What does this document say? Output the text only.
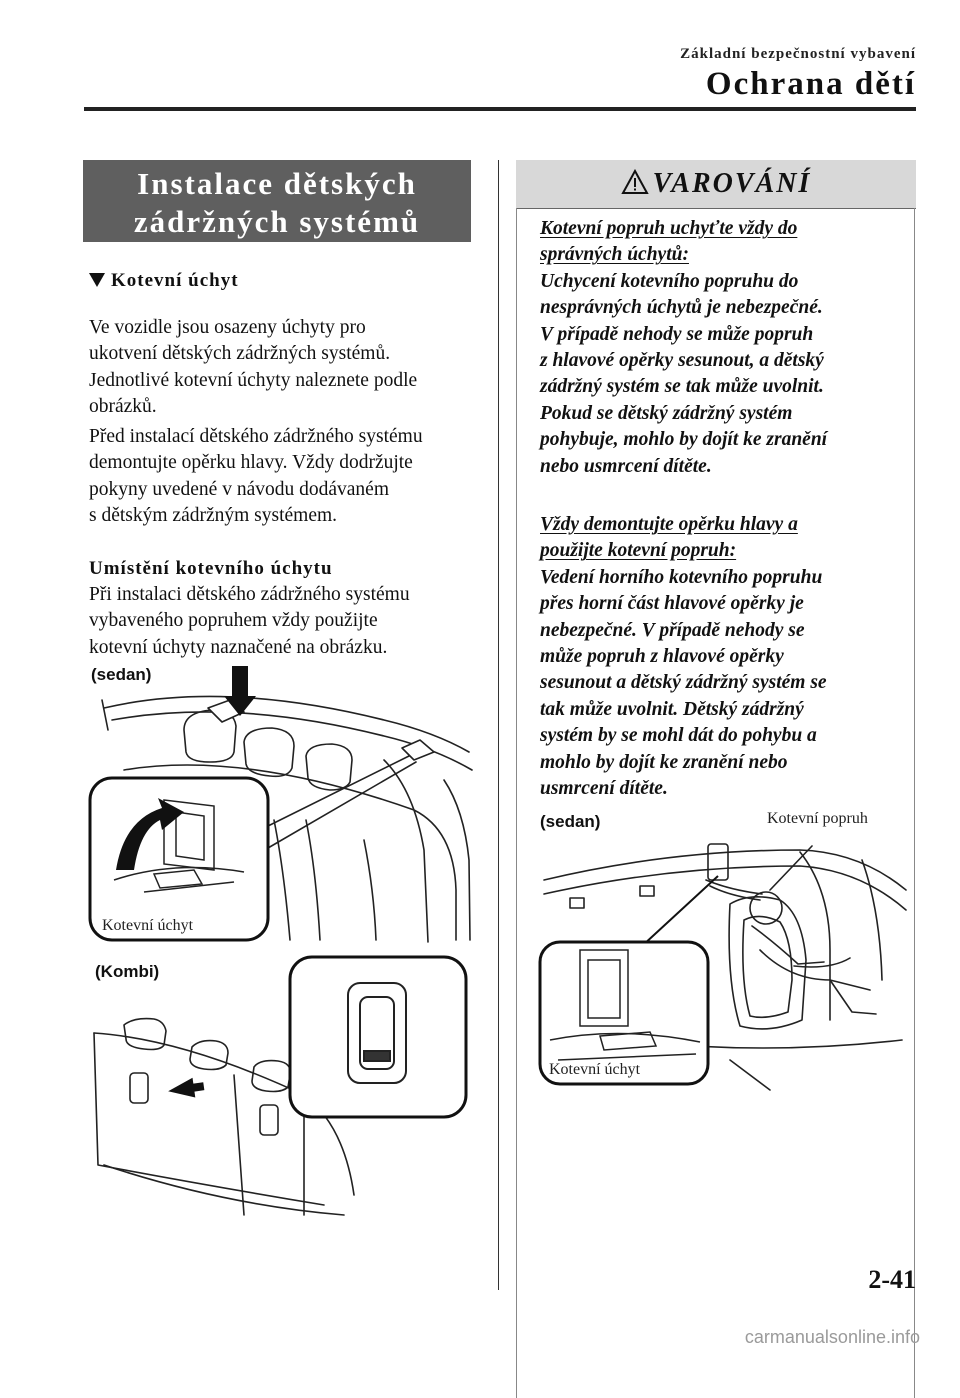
Základní bezpečnostní vybavení
Ochrana dětí
Instalace dětských
zádržných systémů
Kotevní úchyt
Ve vozidle jsou osazeny úchyty pro
ukotvení dětských zádržných systémů.
Jednotlivé kotevní úchyty naleznete podle
obrázků.
Před instalací dětského zádržného systému
demontujte opěrku hlavy. Vždy dodržujte
pokyny uvedené v návodu dodávaném
s dětským zádržným systémem.
Umístění kotevního úchytu
Při instalaci dětského zádržného systému
vybaveného popruhem vždy použijte
kotevní úchyty naznačené na obrázku.
(sedan)
Kotevní úchyt
(Kombi)
VAROVÁNÍ
Kotevní popruh uchyťte vždy do
správných úchytů:
Uchycení kotevního popruhu do
nesprávných úchytů je nebezpečné.
V případě nehody se může popruh
z hlavové opěrky sesunout, a dětský
zádržný systém se tak může uvolnit.
Pokud se dětský zádržný systém
pohybuje, mohlo by dojít ke zranění
nebo usmrcení dítěte.
Vždy demontujte opěrku hlavy a
použijte kotevní popruh:
Vedení horního kotevního popruhu
přes horní část hlavové opěrky je
nebezpečné. V případě nehody se
může popruh z hlavové opěrky
sesunout a dětský zádržný systém se
tak může uvolnit. Dětský zádržný
systém by se mohl dát do pohybu a
mohlo by dojít ke zranění nebo
usmrcení dítěte.
(sedan)	Kotevní popruh
Kotevní úchyt
2-41
carmanualsonline.info
